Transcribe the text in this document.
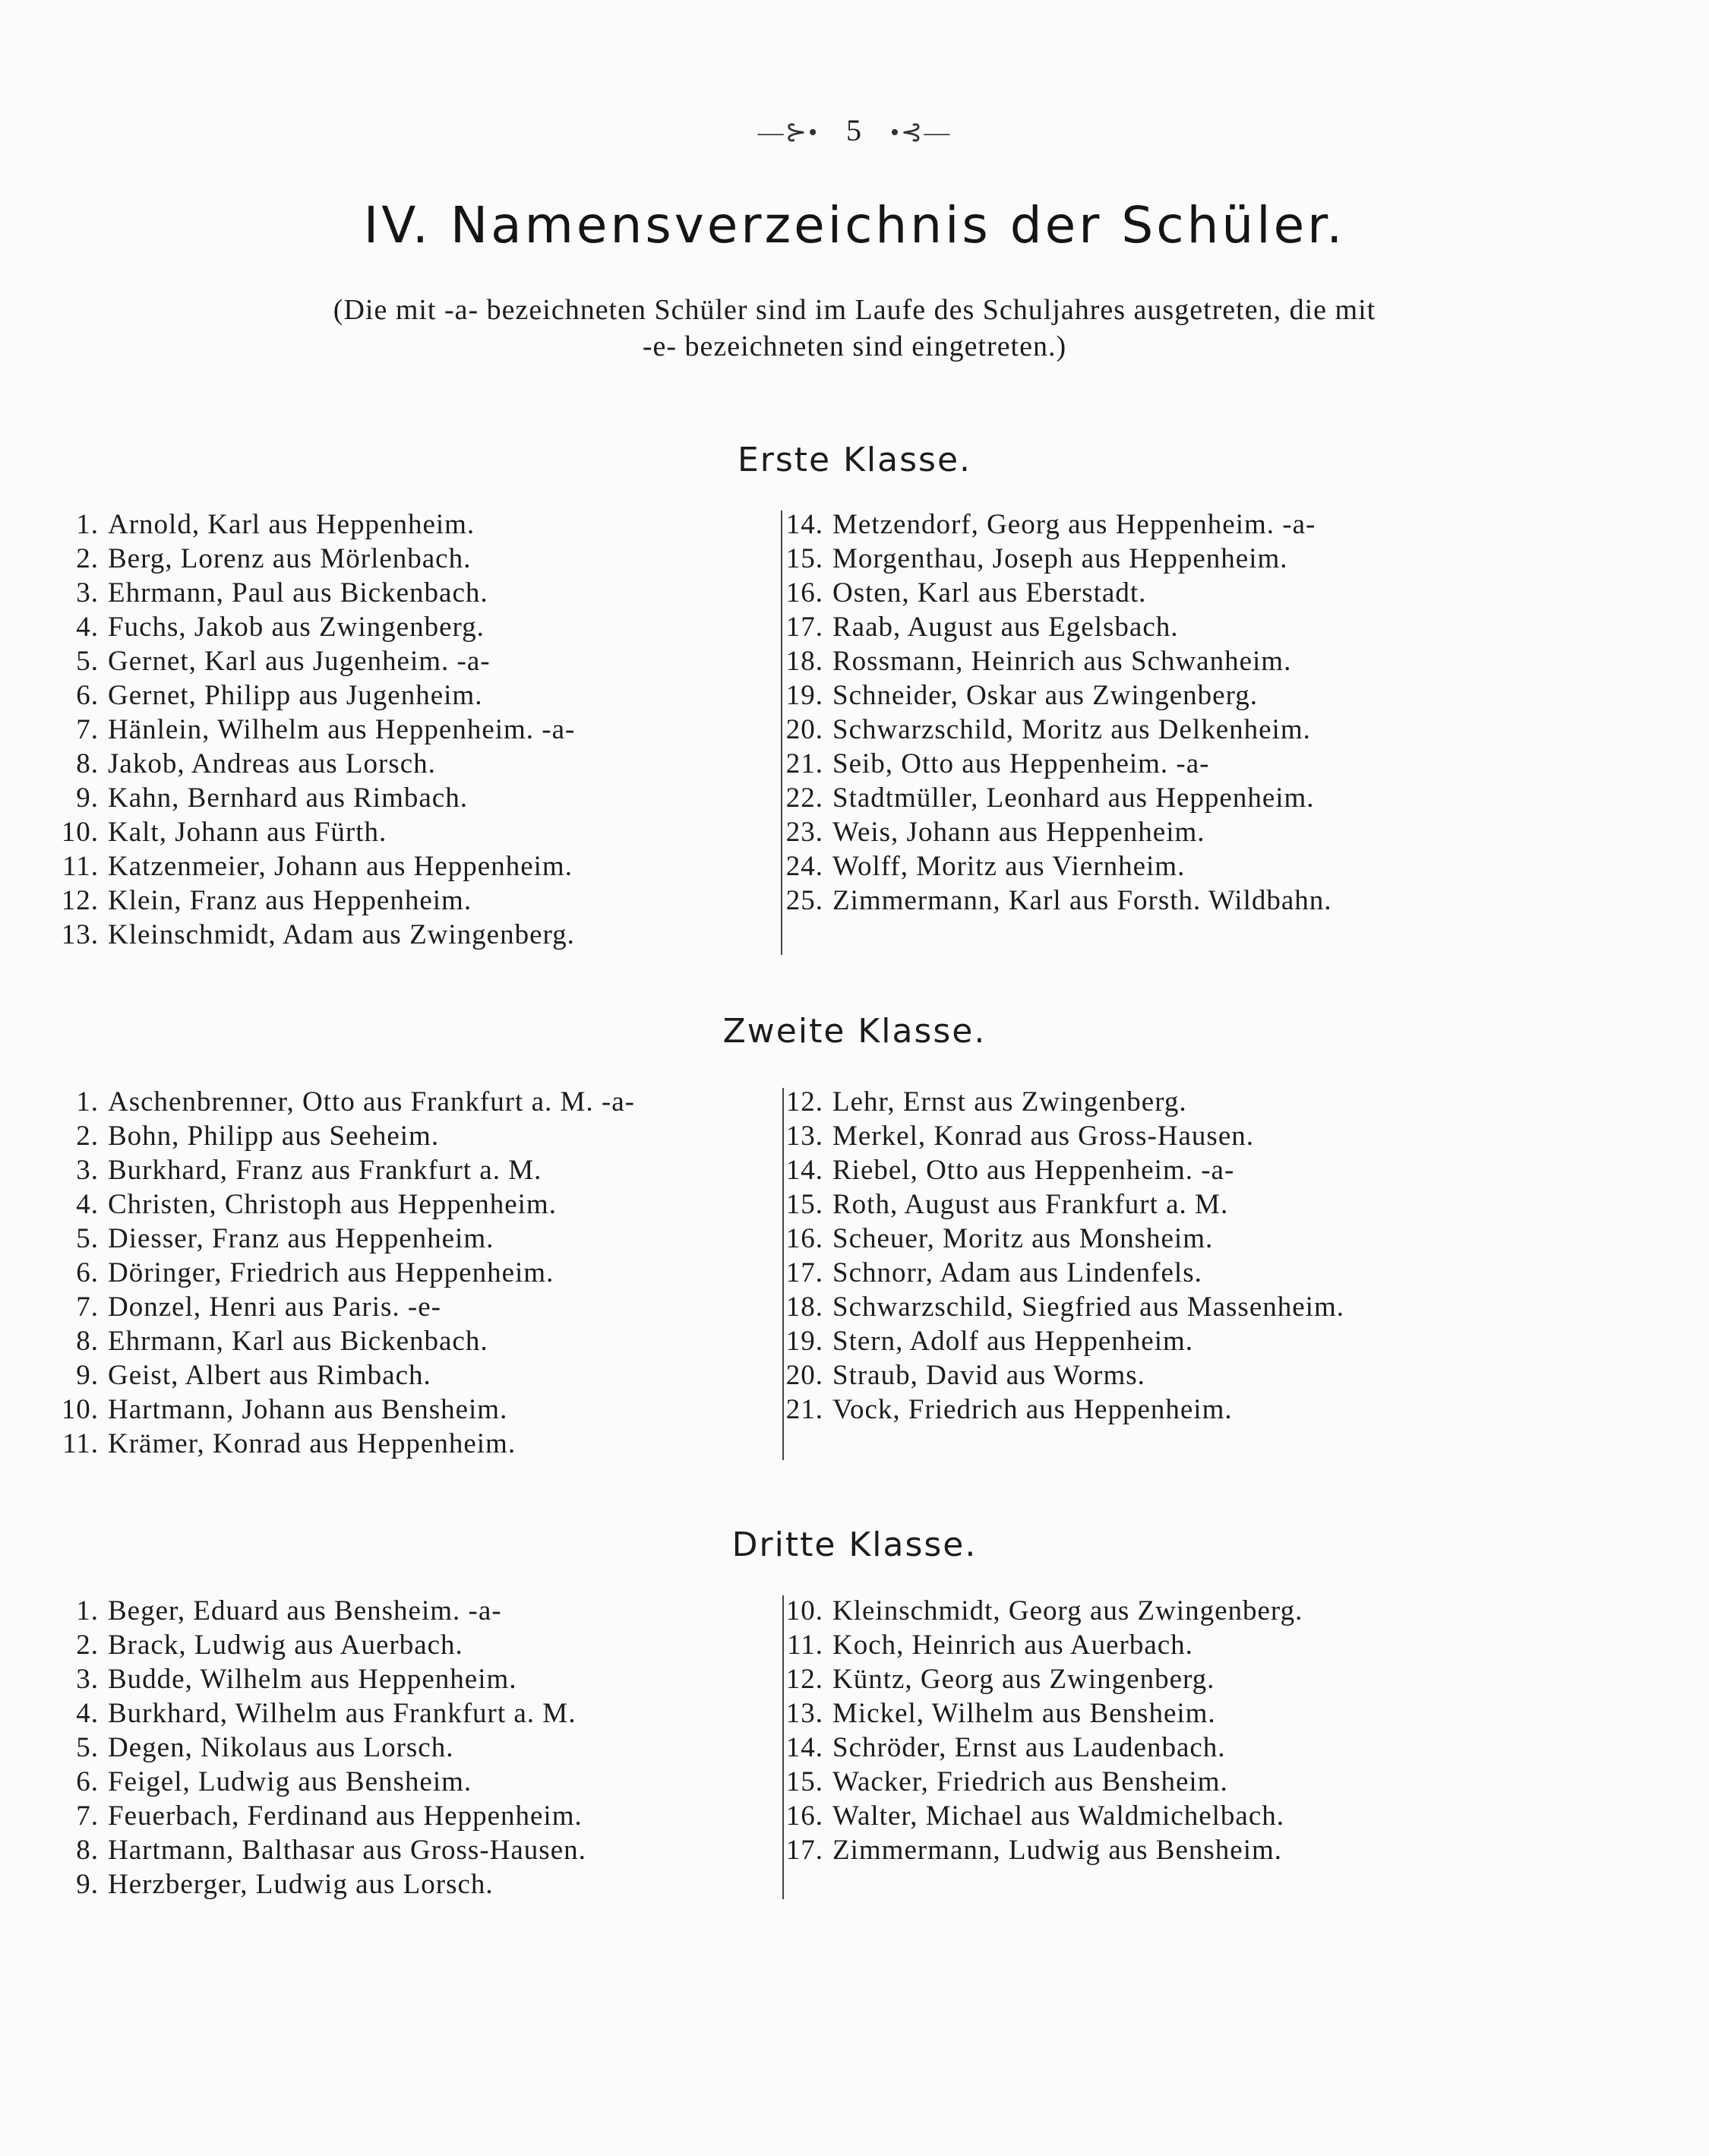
—⊱• 5 •⊰—
IV. Namensverzeichnis der Schüler.
(Die mit -a- bezeichneten Schüler sind im Laufe des Schuljahres ausgetreten, die mit
-e- bezeichneten sind eingetreten.)
Erste Klasse.
1. Arnold, Karl aus Heppenheim.
2. Berg, Lorenz aus Mörlenbach.
3. Ehrmann, Paul aus Bickenbach.
4. Fuchs, Jakob aus Zwingenberg.
5. Gernet, Karl aus Jugenheim. -a-
6. Gernet, Philipp aus Jugenheim.
7. Hänlein, Wilhelm aus Heppenheim. -a-
8. Jakob, Andreas aus Lorsch.
9. Kahn, Bernhard aus Rimbach.
10. Kalt, Johann aus Fürth.
11. Katzenmeier, Johann aus Heppenheim.
12. Klein, Franz aus Heppenheim.
13. Kleinschmidt, Adam aus Zwingenberg.
14. Metzendorf, Georg aus Heppenheim. -a-
15. Morgenthau, Joseph aus Heppenheim.
16. Osten, Karl aus Eberstadt.
17. Raab, August aus Egelsbach.
18. Rossmann, Heinrich aus Schwanheim.
19. Schneider, Oskar aus Zwingenberg.
20. Schwarzschild, Moritz aus Delkenheim.
21. Seib, Otto aus Heppenheim. -a-
22. Stadtmüller, Leonhard aus Heppenheim.
23. Weis, Johann aus Heppenheim.
24. Wolff, Moritz aus Viernheim.
25. Zimmermann, Karl aus Forsth. Wildbahn.
Zweite Klasse.
1. Aschenbrenner, Otto aus Frankfurt a. M. -a-
2. Bohn, Philipp aus Seeheim.
3. Burkhard, Franz aus Frankfurt a. M.
4. Christen, Christoph aus Heppenheim.
5. Diesser, Franz aus Heppenheim.
6. Döringer, Friedrich aus Heppenheim.
7. Donzel, Henri aus Paris. -e-
8. Ehrmann, Karl aus Bickenbach.
9. Geist, Albert aus Rimbach.
10. Hartmann, Johann aus Bensheim.
11. Krämer, Konrad aus Heppenheim.
12. Lehr, Ernst aus Zwingenberg.
13. Merkel, Konrad aus Gross-Hausen.
14. Riebel, Otto aus Heppenheim. -a-
15. Roth, August aus Frankfurt a. M.
16. Scheuer, Moritz aus Monsheim.
17. Schnorr, Adam aus Lindenfels.
18. Schwarzschild, Siegfried aus Massenheim.
19. Stern, Adolf aus Heppenheim.
20. Straub, David aus Worms.
21. Vock, Friedrich aus Heppenheim.
Dritte Klasse.
1. Beger, Eduard aus Bensheim. -a-
2. Brack, Ludwig aus Auerbach.
3. Budde, Wilhelm aus Heppenheim.
4. Burkhard, Wilhelm aus Frankfurt a. M.
5. Degen, Nikolaus aus Lorsch.
6. Feigel, Ludwig aus Bensheim.
7. Feuerbach, Ferdinand aus Heppenheim.
8. Hartmann, Balthasar aus Gross-Hausen.
9. Herzberger, Ludwig aus Lorsch.
10. Kleinschmidt, Georg aus Zwingenberg.
11. Koch, Heinrich aus Auerbach.
12. Küntz, Georg aus Zwingenberg.
13. Mickel, Wilhelm aus Bensheim.
14. Schröder, Ernst aus Laudenbach.
15. Wacker, Friedrich aus Bensheim.
16. Walter, Michael aus Waldmichelbach.
17. Zimmermann, Ludwig aus Bensheim.
